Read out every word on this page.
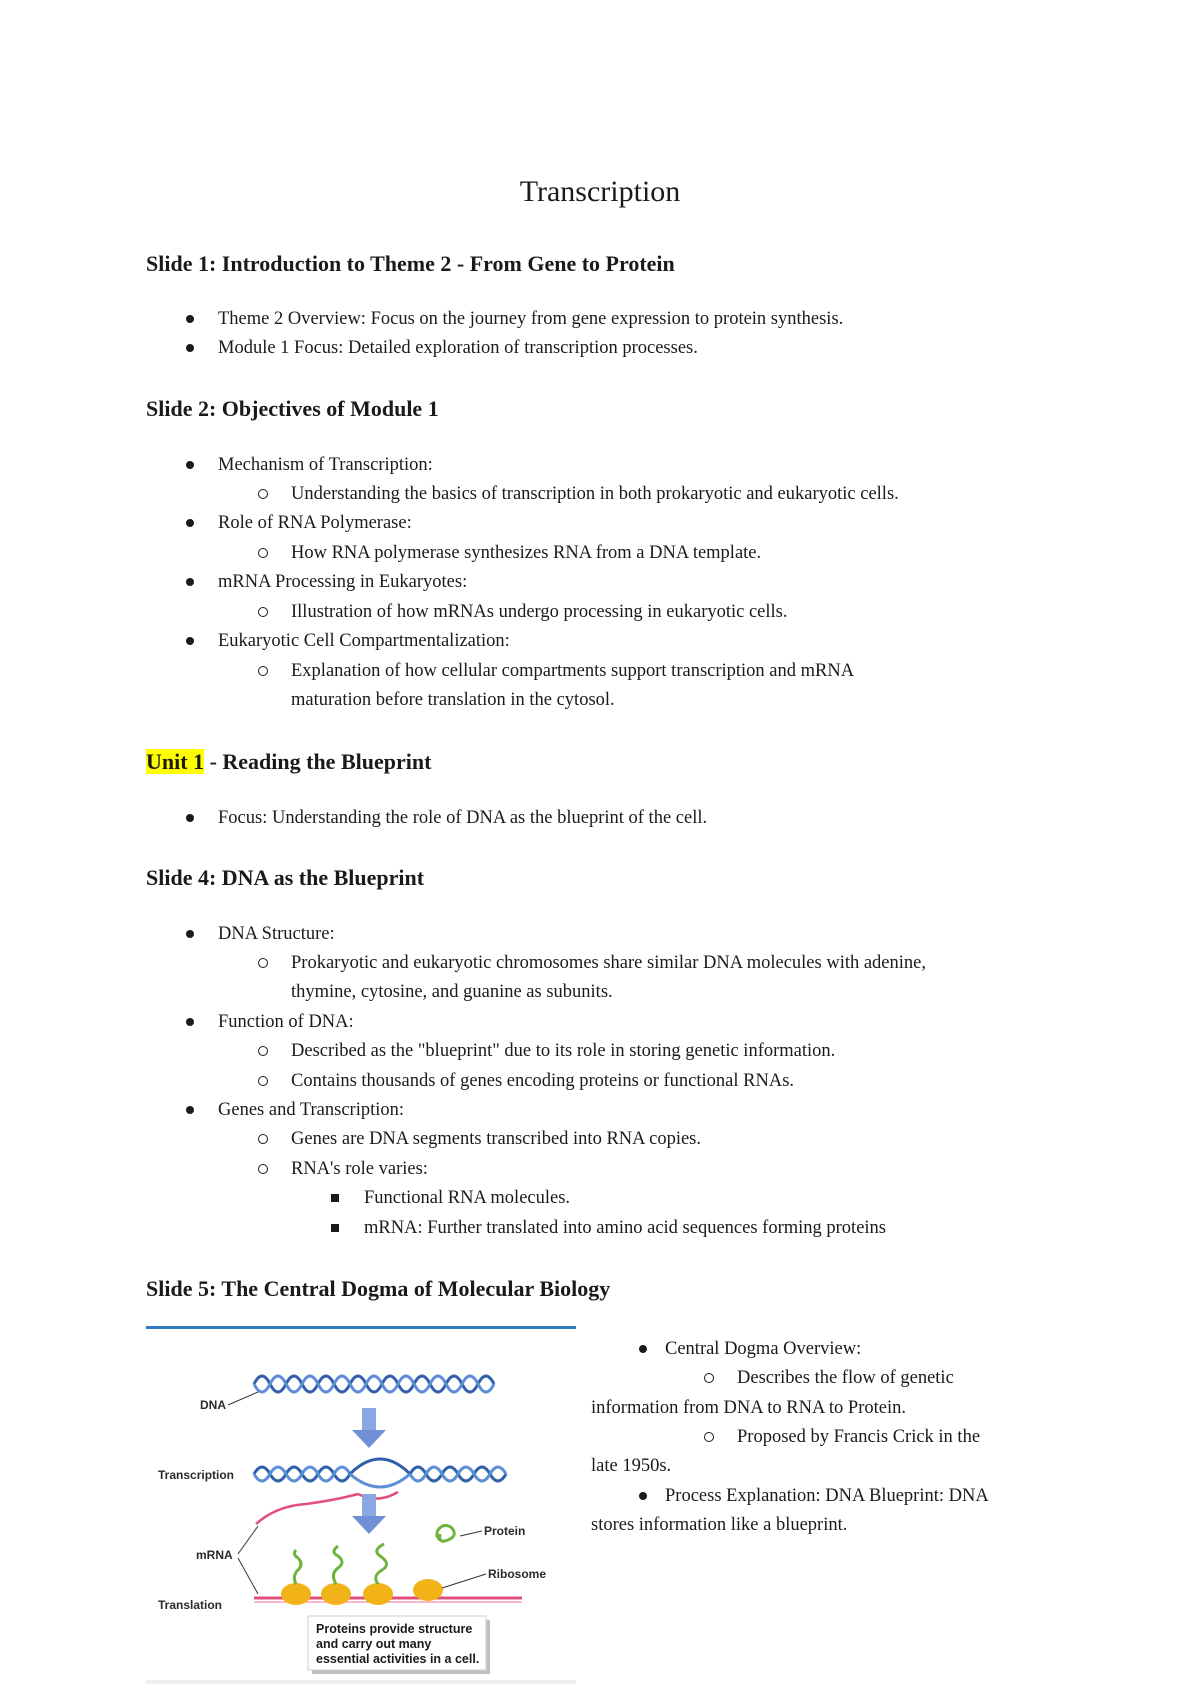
Transcription
Slide 1: Introduction to Theme 2 - From Gene to Protein
Theme 2 Overview: Focus on the journey from gene expression to protein synthesis.
Module 1 Focus: Detailed exploration of transcription processes.
Slide 2: Objectives of Module 1
Mechanism of Transcription:
Understanding the basics of transcription in both prokaryotic and eukaryotic cells.
Role of RNA Polymerase:
How RNA polymerase synthesizes RNA from a DNA template.
mRNA Processing in Eukaryotes:
Illustration of how mRNAs undergo processing in eukaryotic cells.
Eukaryotic Cell Compartmentalization:
Explanation of how cellular compartments support transcription and mRNA
maturation before translation in the cytosol.
Unit 1 - Reading the Blueprint
Focus: Understanding the role of DNA as the blueprint of the cell.
Slide 4: DNA as the Blueprint
DNA Structure:
Prokaryotic and eukaryotic chromosomes share similar DNA molecules with adenine,
thymine, cytosine, and guanine as subunits.
Function of DNA:
Described as the "blueprint" due to its role in storing genetic information.
Contains thousands of genes encoding proteins or functional RNAs.
Genes and Transcription:
Genes are DNA segments transcribed into RNA copies.
RNA's role varies:
Functional RNA molecules.
mRNA: Further translated into amino acid sequences forming proteins
Slide 5: The Central Dogma of Molecular Biology
DNA
Transcription
mRNA
Translation
Protein
Ribosome
Proteins provide structure
and carry out many
essential activities in a cell.
Central Dogma Overview:
Describes the flow of genetic
information from DNA to RNA to Protein.
Proposed by Francis Crick in the
late 1950s.
Process Explanation: DNA Blueprint: DNA
stores information like a blueprint.
